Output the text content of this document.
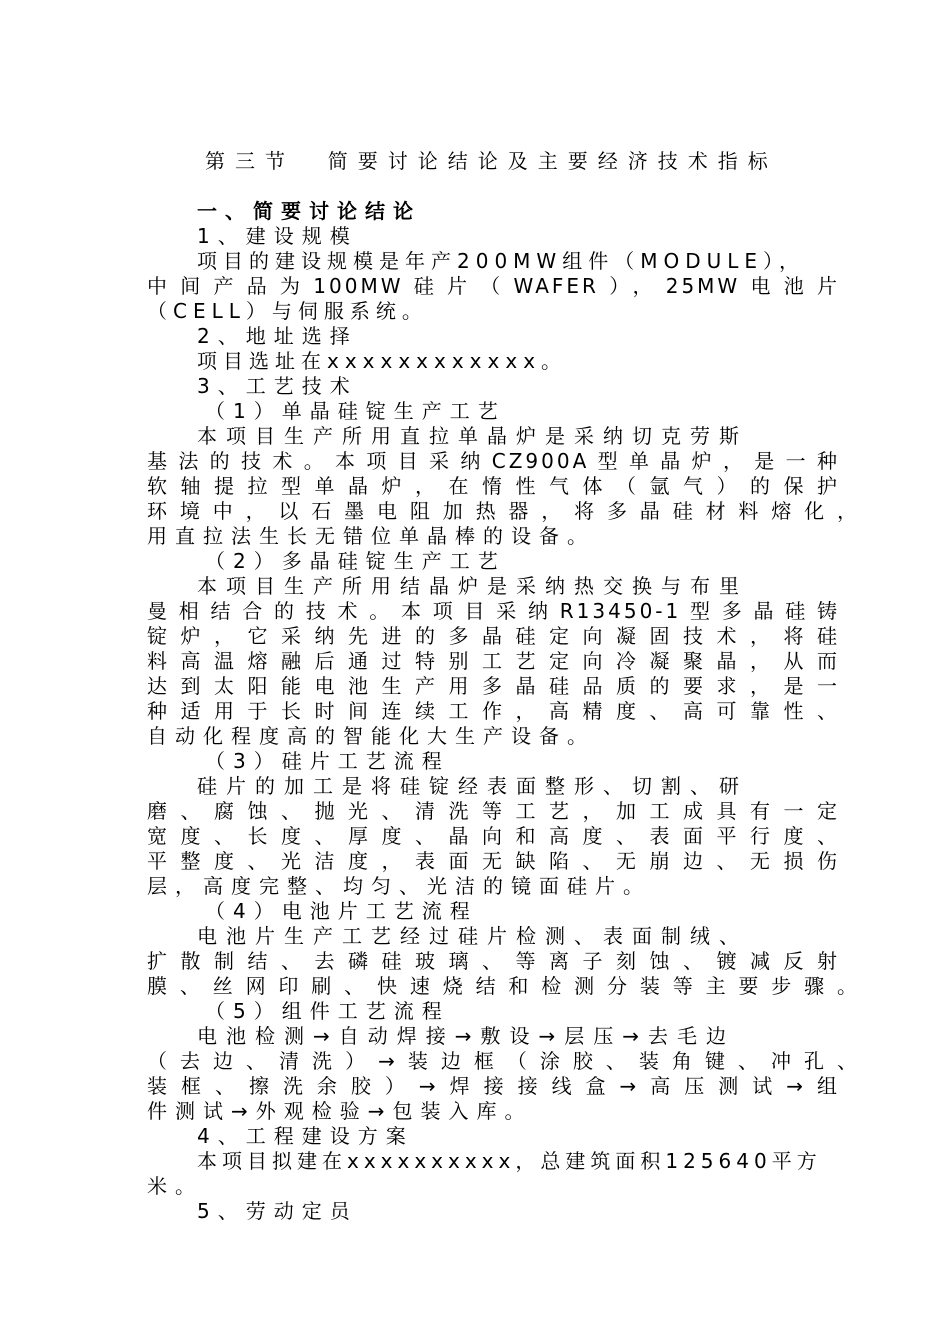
第三节  简要讨论结论及主要经济技术指标
一、简要讨论结论
1、建设规模
项目的建设规模是年产200MW组件（MODULE），
中间产品为100MW硅片（WAFER），25MW电池片
（CELL）与伺服系统。
2、地址选择
项目选址在xxxxxxxxxxxx。
3、工艺技术
（1）单晶硅锭生产工艺
本项目生产所用直拉单晶炉是采纳切克劳斯
基法的技术。本项目采纳CZ900A型单晶炉，是一种
软轴提拉型单晶炉，在惰性气体（氩气）的保护
环境中，以石墨电阻加热器，将多晶硅材料熔化，
用直拉法生长无错位单晶棒的设备。
（2）多晶硅锭生产工艺
本项目生产所用结晶炉是采纳热交换与布里
曼相结合的技术。本项目采纳R13450-1型多晶硅铸
锭炉，它采纳先进的多晶硅定向凝固技术，将硅
料高温熔融后通过特别工艺定向冷凝聚晶，从而
达到太阳能电池生产用多晶硅品质的要求，是一
种适用于长时间连续工作，高精度、高可靠性、
自动化程度高的智能化大生产设备。
（3）硅片工艺流程
硅片的加工是将硅锭经表面整形、切割、研
磨、腐蚀、抛光、清洗等工艺，加工成具有一定
宽度、长度、厚度、晶向和高度、表面平行度、
平整度、光洁度，表面无缺陷、无崩边、无损伤
层，高度完整、均匀、光洁的镜面硅片。
（4）电池片工艺流程
电池片生产工艺经过硅片检测、表面制绒、
扩散制结、去磷硅玻璃、等离子刻蚀、镀减反射
膜、丝网印刷、快速烧结和检测分装等主要步骤。
（5）组件工艺流程
电池检测→自动焊接→敷设→层压→去毛边
（去边、清洗）→装边框（涂胶、装角键、冲孔、
装框、擦洗余胶）→焊接接线盒→高压测试→组
件测试→外观检验→包装入库。
4、工程建设方案
本项目拟建在xxxxxxxxxx，总建筑面积125640平方
米。
5、劳动定员
